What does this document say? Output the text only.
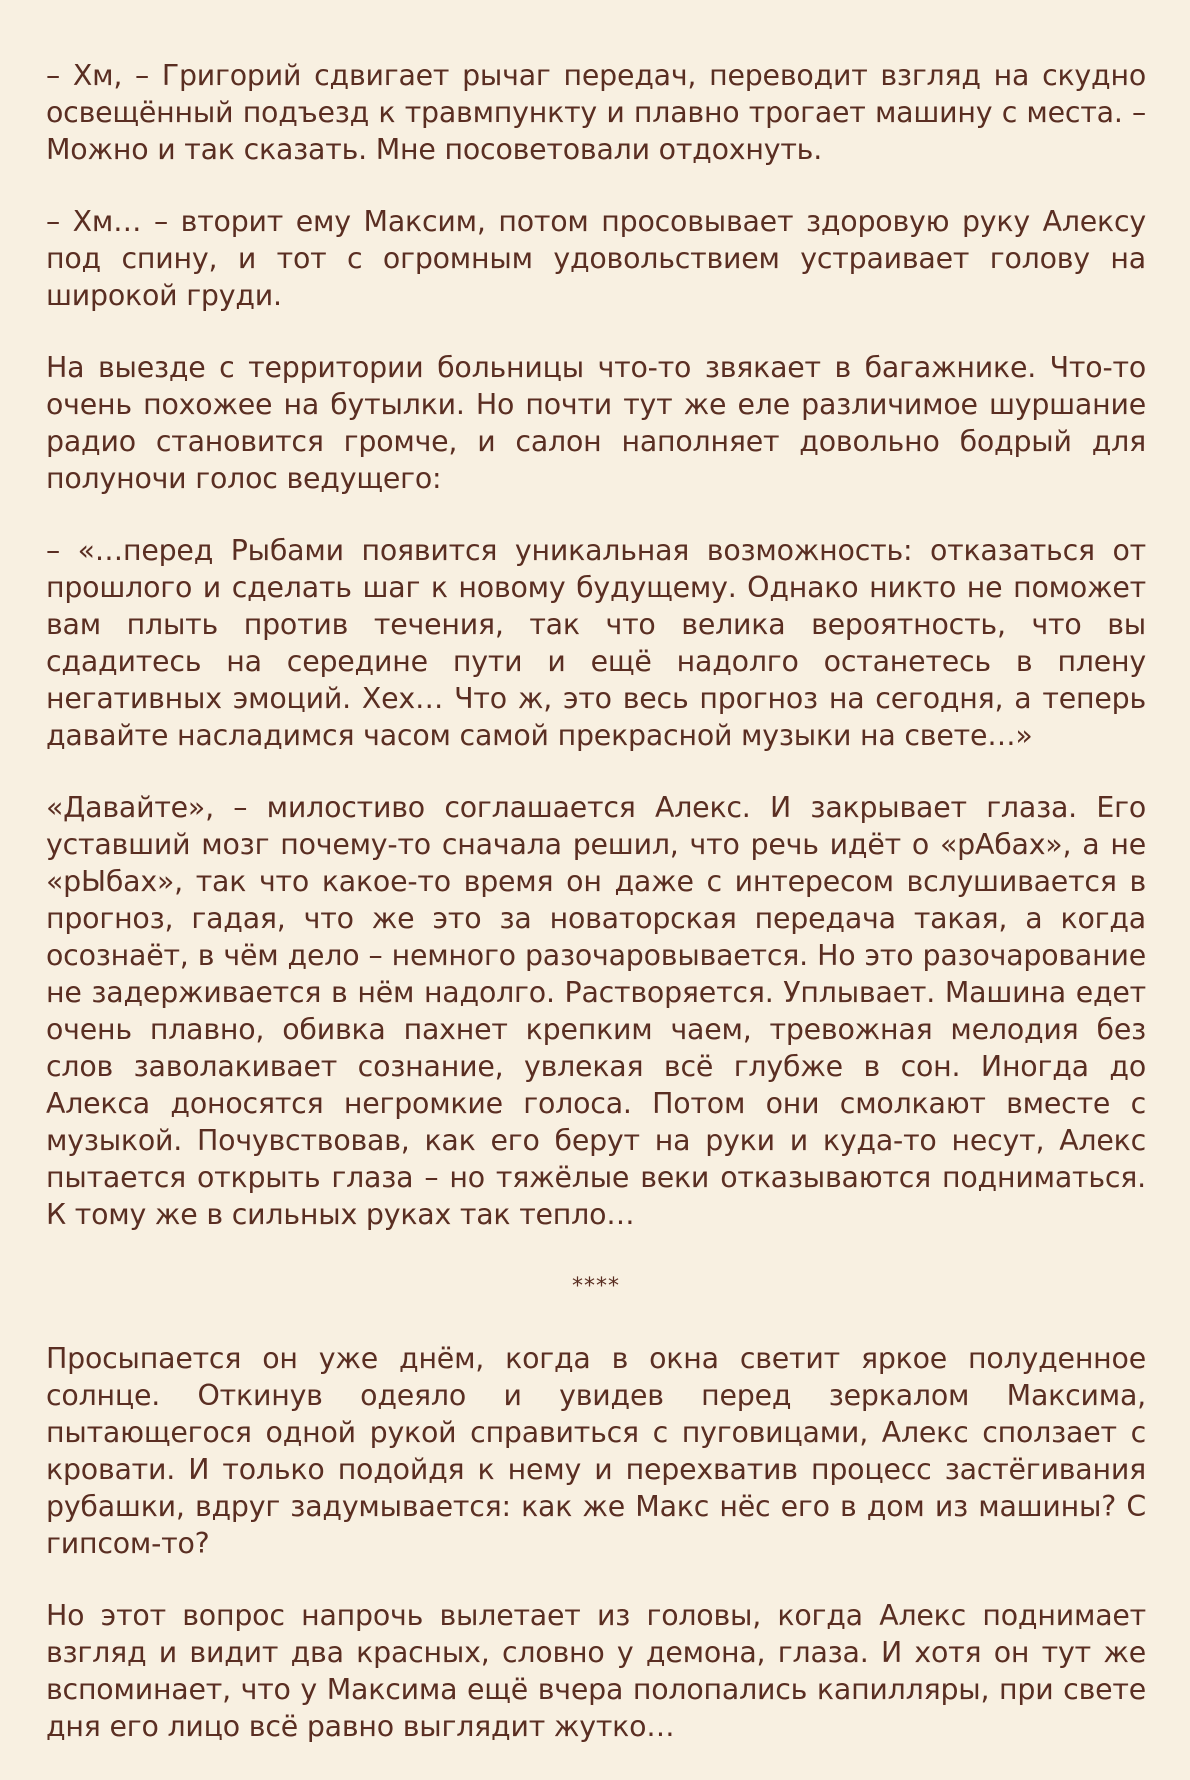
– Хм, – Григорий сдвигает рычаг передач, переводит взгляд на скудно освещённый подъезд к травмпункту и плавно трогает машину с места. – Можно и так сказать. Мне посоветовали отдохнуть.

– Хм… – вторит ему Максим, потом просовывает здоровую руку Алексу под спину, и тот с огромным удовольствием устраивает голову на широкой груди.

На выезде с территории больницы что-то звякает в багажнике. Что-то очень похожее на бутылки. Но почти тут же еле различимое шуршание радио становится громче, и салон наполняет довольно бодрый для полуночи голос ведущего:

– «…перед Рыбами появится уникальная возможность: отказаться от прошлого и сделать шаг к новому будущему. Однако никто не поможет вам плыть против течения, так что велика вероятность, что вы сдадитесь на середине пути и ещё надолго останетесь в плену негативных эмоций. Хех… Что ж, это весь прогноз на сегодня, а теперь давайте насладимся часом самой прекрасной музыки на свете…»

«Давайте», – милостиво соглашается Алекс. И закрывает глаза. Его уставший мозг почему-то сначала решил, что речь идёт о «рАбах», а не «рЫбах», так что какое-то время он даже с интересом вслушивается в прогноз, гадая, что же это за новаторская передача такая, а когда осознаёт, в чём дело – немного разочаровывается. Но это разочарование не задерживается в нём надолго. Растворяется. Уплывает. Машина едет очень плавно, обивка пахнет крепким чаем, тревожная мелодия без слов заволакивает сознание, увлекая всё глубже в сон. Иногда до Алекса доносятся негромкие голоса. Потом они смолкают вместе с музыкой. Почувствовав, как его берут на руки и куда-то несут, Алекс пытается открыть глаза – но тяжёлые веки отказываются подниматься. К тому же в сильных руках так тепло…

****

Просыпается он уже днём, когда в окна светит яркое полуденное солнце. Откинув одеяло и увидев перед зеркалом Максима, пытающегося одной рукой справиться с пуговицами, Алекс сползает с кровати. И только подойдя к нему и перехватив процесс застёгивания рубашки, вдруг задумывается: как же Макс нёс его в дом из машины? С гипсом-то?

Но этот вопрос напрочь вылетает из головы, когда Алекс поднимает взгляд и видит два красных, словно у демона, глаза. И хотя он тут же вспоминает, что у Максима ещё вчера полопались капилляры, при свете дня его лицо всё равно выглядит жутко…
